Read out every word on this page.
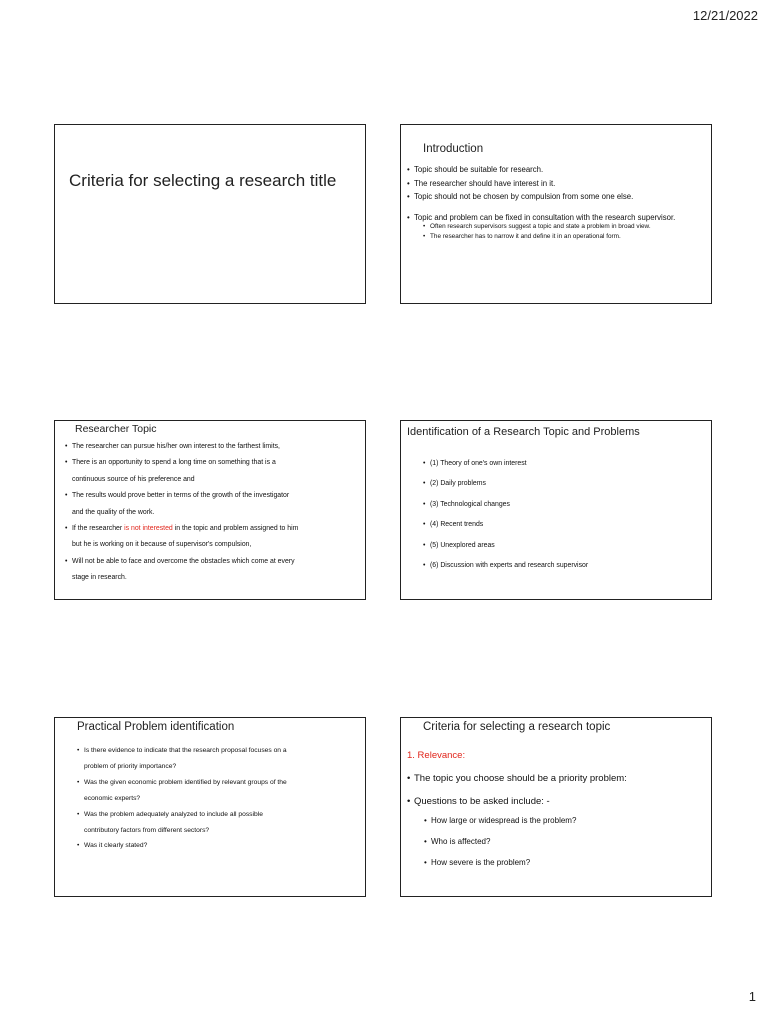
12/21/2022
Criteria for selecting a research title
Introduction
• Topic should be suitable for research.
• The researcher should have interest in it.
• Topic should not be chosen by compulsion from some one else.
• Topic and problem can be fixed in consultation with the research supervisor.
• Often research supervisors suggest a topic and state a problem in broad view.
• The researcher has to narrow it and define it in an operational form.
Researcher Topic
• The researcher can pursue his/her own interest to the farthest limits,
• There is an opportunity to spend a long time on something that is a
continuous source of his preference and
• The results would prove better in terms of the growth of the investigator
and the quality of the work.
• If the researcher is not interested in the topic and problem assigned to him
but he is working on it because of supervisor's compulsion,
• Will not be able to face and overcome the obstacles which come at every
stage in research.
Identification of a Research Topic and Problems
• (1) Theory of one's own interest
• (2) Daily problems
• (3) Technological changes
• (4) Recent trends
• (5) Unexplored areas
• (6) Discussion with experts and research supervisor
Practical Problem identification
• Is there evidence to indicate that the research proposal focuses on a
problem of priority importance?
• Was the given economic problem identified by relevant groups of the
economic experts?
• Was the problem adequately analyzed to include all possible
contributory factors from different sectors?
• Was it clearly stated?
Criteria for selecting a research topic
1. Relevance:
• The topic you choose should be a priority problem:
• Questions to be asked include: -
• How large or widespread is the problem?
• Who is affected?
• How severe is the problem?
1
